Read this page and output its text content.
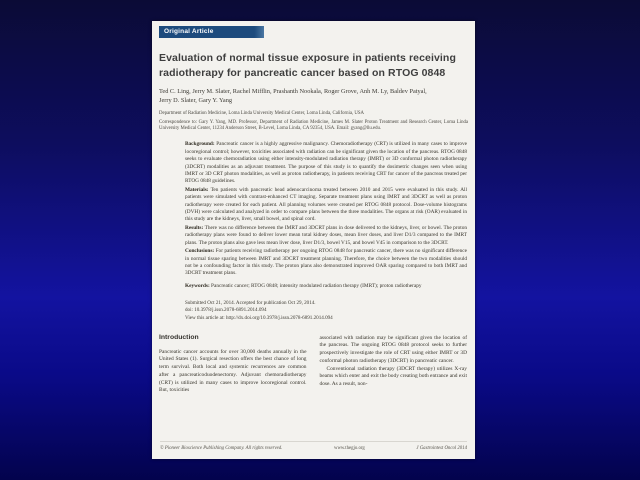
Original Article
Evaluation of normal tissue exposure in patients receiving
radiotherapy for pancreatic cancer based on RTOG 0848
Ted C. Ling, Jerry M. Slater, Rachel Mifflin, Prashanth Nookala, Roger Grove, Anh M. Ly, Baldev Patyal,
Jerry D. Slater, Gary Y. Yang
Department of Radiation Medicine, Loma Linda University Medical Center, Loma Linda, California, USA
Correspondence to: Gary Y. Yang, MD. Professor, Department of Radiation Medicine, James M. Slater Proton Treatment and Research Center, Loma Linda University Medical Center, 11234 Anderson Street, B-Level, Loma Linda, CA 92354, USA. Email: gyang@llu.edu.

Background: Pancreatic cancer is a highly aggressive malignancy. Chemoradiotherapy (CRT) is utilized in many cases to improve locoregional control; however, toxicities associated with radiation can be significant given the location of the pancreas. RTOG 0848 seeks to evaluate chemoradiation using either intensity-modulated radiation therapy (IMRT) or 3D conformal photon radiotherapy (3DCRT) modalities as an adjuvant treatment. The purpose of this study is to quantify the dosimetric changes seen when using IMRT or 3D CRT photon modalities, as well as proton radiotherapy, in patients receiving CRT for cancer of the pancreas treated per RTOG 0848 guidelines.

Materials: Ten patients with pancreatic head adenocarcinoma treated between 2010 and 2015 were evaluated in this study. All patients were simulated with contrast-enhanced CT imaging. Separate treatment plans using IMRT and 3DCRT as well as proton radiotherapy were created for each patient. All planning volumes were created per RTOG 0848 protocol. Dose-volume histograms (DVH) were calculated and analyzed in order to compare plans between the three modalities. The organs at risk (OAR) evaluated in this study are the kidneys, liver, small bowel, and spinal cord.

Results: There was no difference between the IMRT and 3DCRT plans in dose delivered to the kidneys, liver, or bowel. The proton radiotherapy plans were found to deliver lower mean total kidney doses, mean liver doses, and liver D1/3 compared to the IMRT plans. The proton plans also gave less mean liver dose, liver D1/3, bowel V15, and bowel V45 in comparison to the 3DCRT.

Conclusions: For patients receiving radiotherapy per ongoing RTOG 0848 for pancreatic cancer, there was no significant difference in normal tissue sparing between IMRT and 3DCRT treatment planning. Therefore, the choice between the two modalities should not be a confounding factor in this study. The proton plans also demonstrated improved OAR sparing compared to both IMRT and 3DCRT treatment plans.

Keywords: Pancreatic cancer; RTOG 0848; intensity modulated radiation therapy (IMRT); proton radiotherapy

Submitted Oct 21, 2014. Accepted for publication Oct 29, 2014.
doi: 10.3978/j.issn.2078-6891.2014.094
View this article at: http://dx.doi.org/10.3978/j.issn.2078-6891.2014.094
Introduction

Pancreatic cancer accounts for over 30,000 deaths annually in the United States (1). Surgical resection offers the best chance of long term survival. Both local and systemic recurrences are common after a pancreaticoduodenectomy. Adjuvant chemoradiotherapy (CRT) is utilized in many cases to improve locoregional control. But, toxicities

associated with radiation may be significant given the location of the pancreas. The ongoing RTOG 0848 protocol seeks to further prospectively investigate the role of CRT using either IMRT or 3D conformal photon radiotherapy (3DCRT) in pancreatic cancer.

Conventional radiation therapy (3DCRT therapy) utilizes X-ray beams which enter and exit the body creating both entrance and exit dose. As a result, non-

© Pioneer Bioscience Publishing Company. All rights reserved.	www.thegjo.org	J Gastrointest Oncol 2014
